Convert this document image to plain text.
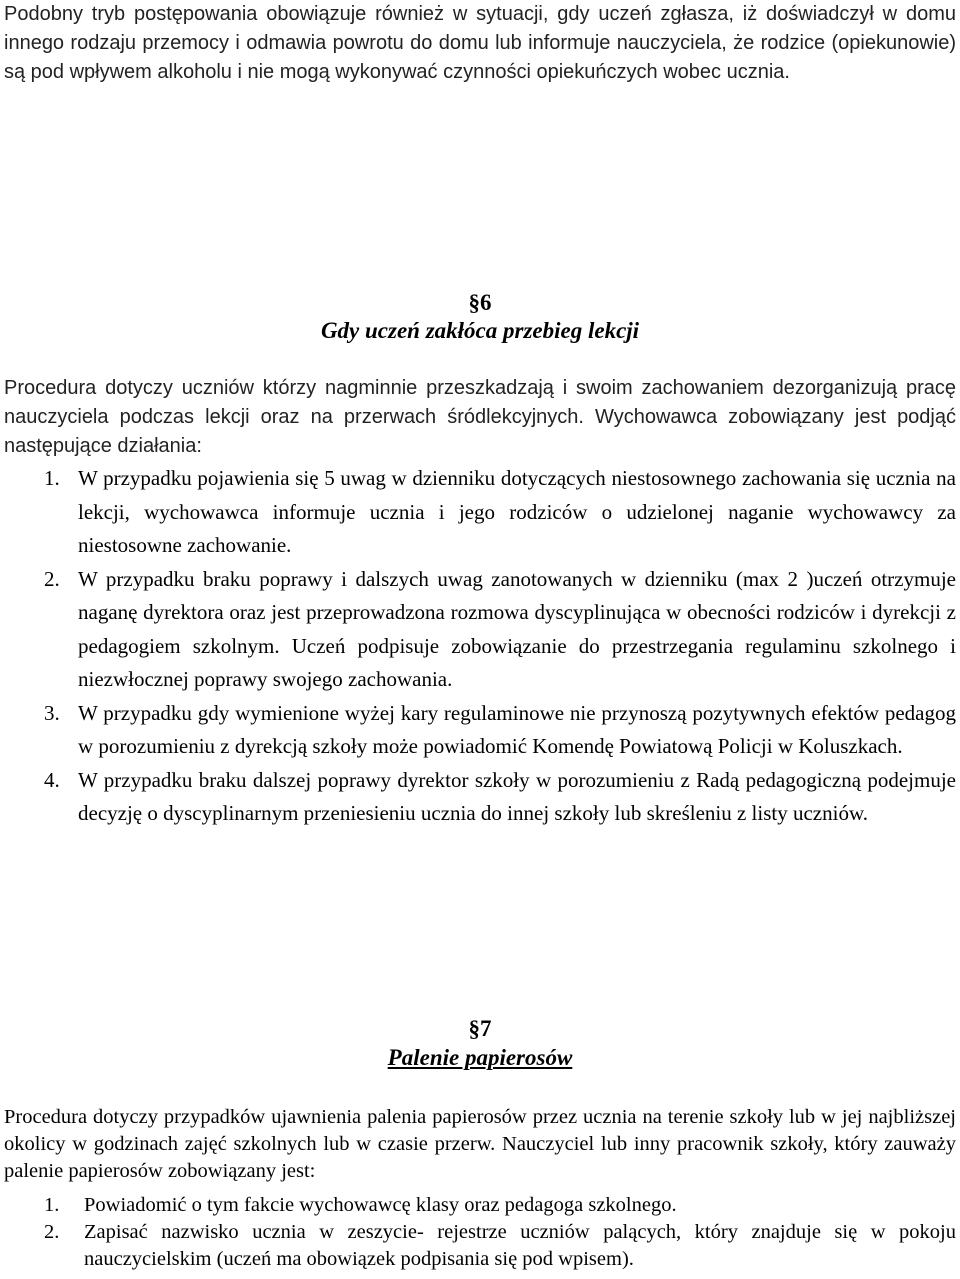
Podobny tryb postępowania obowiązuje również w sytuacji, gdy uczeń zgłasza, iż doświadczył w domu innego rodzaju przemocy i odmawia powrotu do domu lub informuje nauczyciela, że rodzice (opiekunowie) są pod wpływem alkoholu i nie mogą wykonywać czynności opiekuńczych wobec ucznia.

§6
Gdy uczeń zakłóca przebieg lekcji

Procedura dotyczy uczniów którzy nagminnie przeszkadzają i swoim zachowaniem dezorganizują pracę nauczyciela podczas lekcji oraz na przerwach śródlekcyjnych. Wychowawca zobowiązany jest podjąć następujące działania:

1. W przypadku pojawienia się 5 uwag w dzienniku dotyczących niestosownego zachowania się ucznia na lekcji, wychowawca informuje ucznia i jego rodziców o udzielonej naganie wychowawcy za niestosowne zachowanie.
2. W przypadku braku poprawy i dalszych uwag zanotowanych w dzienniku (max 2 )uczeń otrzymuje naganę dyrektora oraz jest przeprowadzona rozmowa dyscyplinująca w obecności rodziców i dyrekcji z pedagogiem szkolnym. Uczeń podpisuje zobowiązanie do przestrzegania regulaminu szkolnego i niezwłocznej poprawy swojego zachowania.
3. W przypadku gdy wymienione wyżej kary regulaminowe nie przynoszą pozytywnych efektów pedagog w porozumieniu z dyrekcją szkoły może powiadomić Komendę Powiatową Policji w Koluszkach.
4. W przypadku braku dalszej poprawy dyrektor szkoły w porozumieniu z Radą pedagogiczną podejmuje decyzję o dyscyplinarnym przeniesieniu ucznia do innej szkoły lub skreśleniu z listy uczniów.
§7
Palenie papierosów

Procedura dotyczy przypadków ujawnienia palenia papierosów przez ucznia na terenie szkoły lub w jej najbliższej okolicy w godzinach zajęć szkolnych lub w czasie przerw. Nauczyciel lub inny pracownik szkoły, który zauważy palenie papierosów zobowiązany jest:

1.	Powiadomić o tym fakcie wychowawcę klasy oraz pedagoga szkolnego.
2.	Zapisać nazwisko ucznia w zeszycie- rejestrze uczniów palących, który znajduje się w pokoju nauczycielskim (uczeń ma obowiązek podpisania się pod wpisem).
